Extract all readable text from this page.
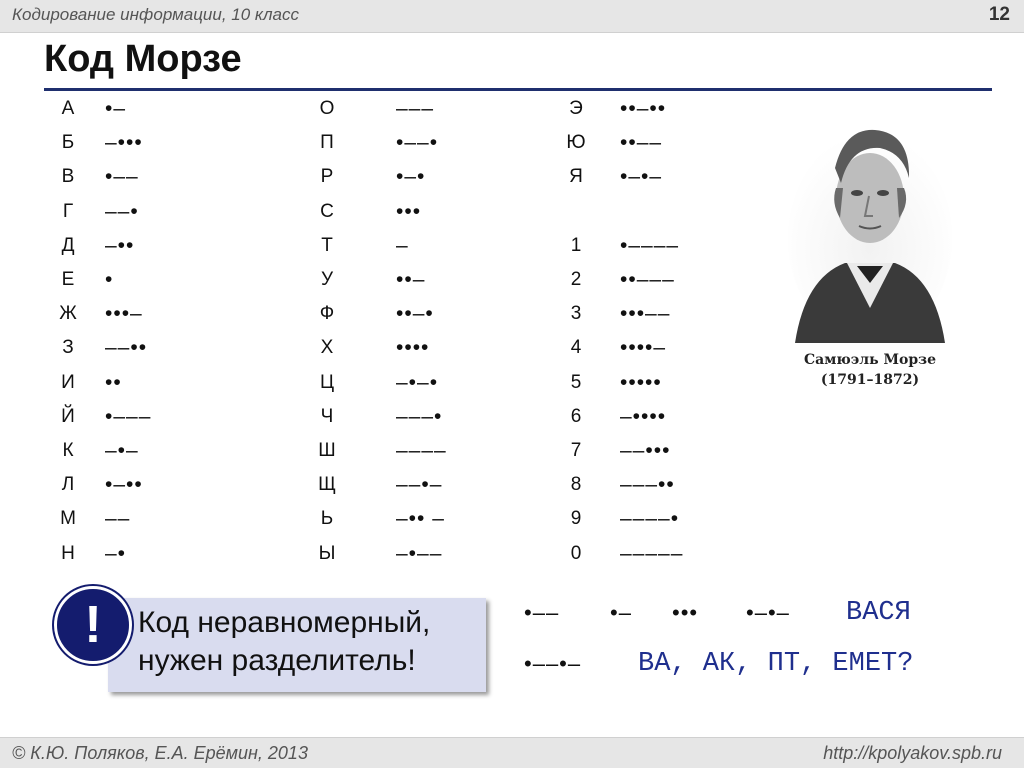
Кодирование информации, 10 класс	12
Код Морзе
А	•–
Б	–•••
В	•––
Г	––•
Д	–••
Е	•
Ж	•••–
З	––••
И	••
Й	•–––
К	–•–
Л	•–••
М	––
Н	–•
О	–––
П	•––•
Р	•–•
С	•••
Т	–
У	••–
Ф	••–•
Х	••••
Ц	–•–•
Ч	–––•
Ш	––––
Щ	––•–
Ь	–•• –
Ы	–•––
Э	••–••
Ю	••––
Я	•–•–
1	•––––
2	••–––
3	•••––
4	••••–
5	•••••
6	–••••
7	––•••
8	–––••
9	––––•
0	–––––
Самюэль Морзе
(1791–1872)
Код неравномерный,
нужен разделитель!
!	•–– •– ••• •–•– ВАСЯ
•––•– ВА, АК, ПТ, ЕМЕТ?
© К.Ю. Поляков, Е.А. Ерёмин, 2013	http://kpolyakov.spb.ru
